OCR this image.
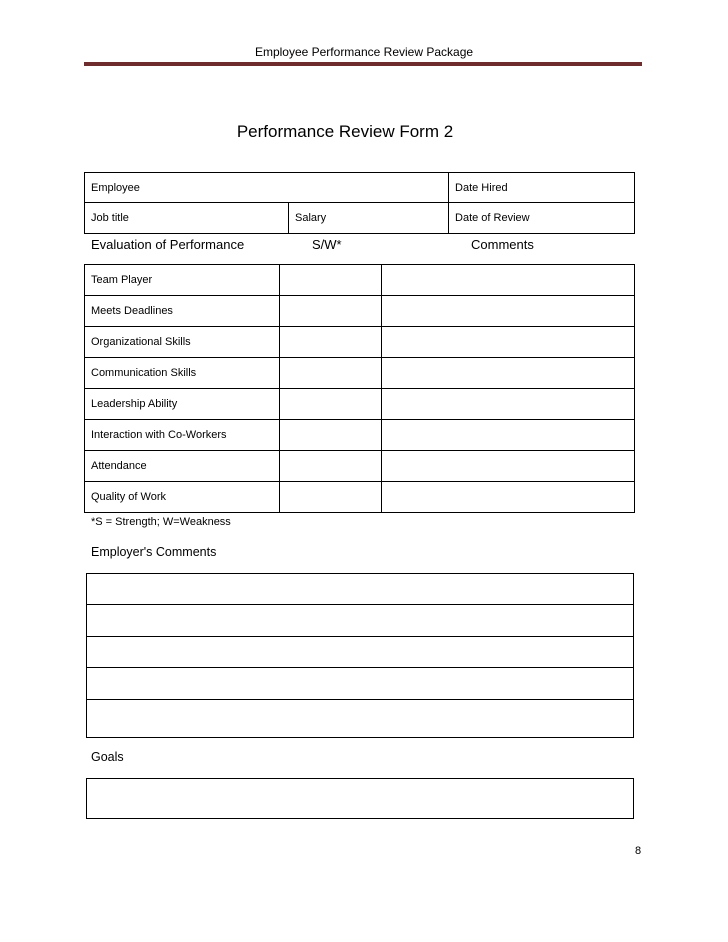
Employee Performance Review Package
Performance Review Form 2
Employee		Date Hired
Job title	Salary	Date of Review
Evaluation of Performance	S/W*	Comments
Team Player		
Meets Deadlines		
Organizational Skills		
Communication Skills		
Leadership Ability		
Interaction with Co-Workers		
Attendance		
Quality of Work		
*S = Strength; W=Weakness
Employer's Comments

Goals
8
